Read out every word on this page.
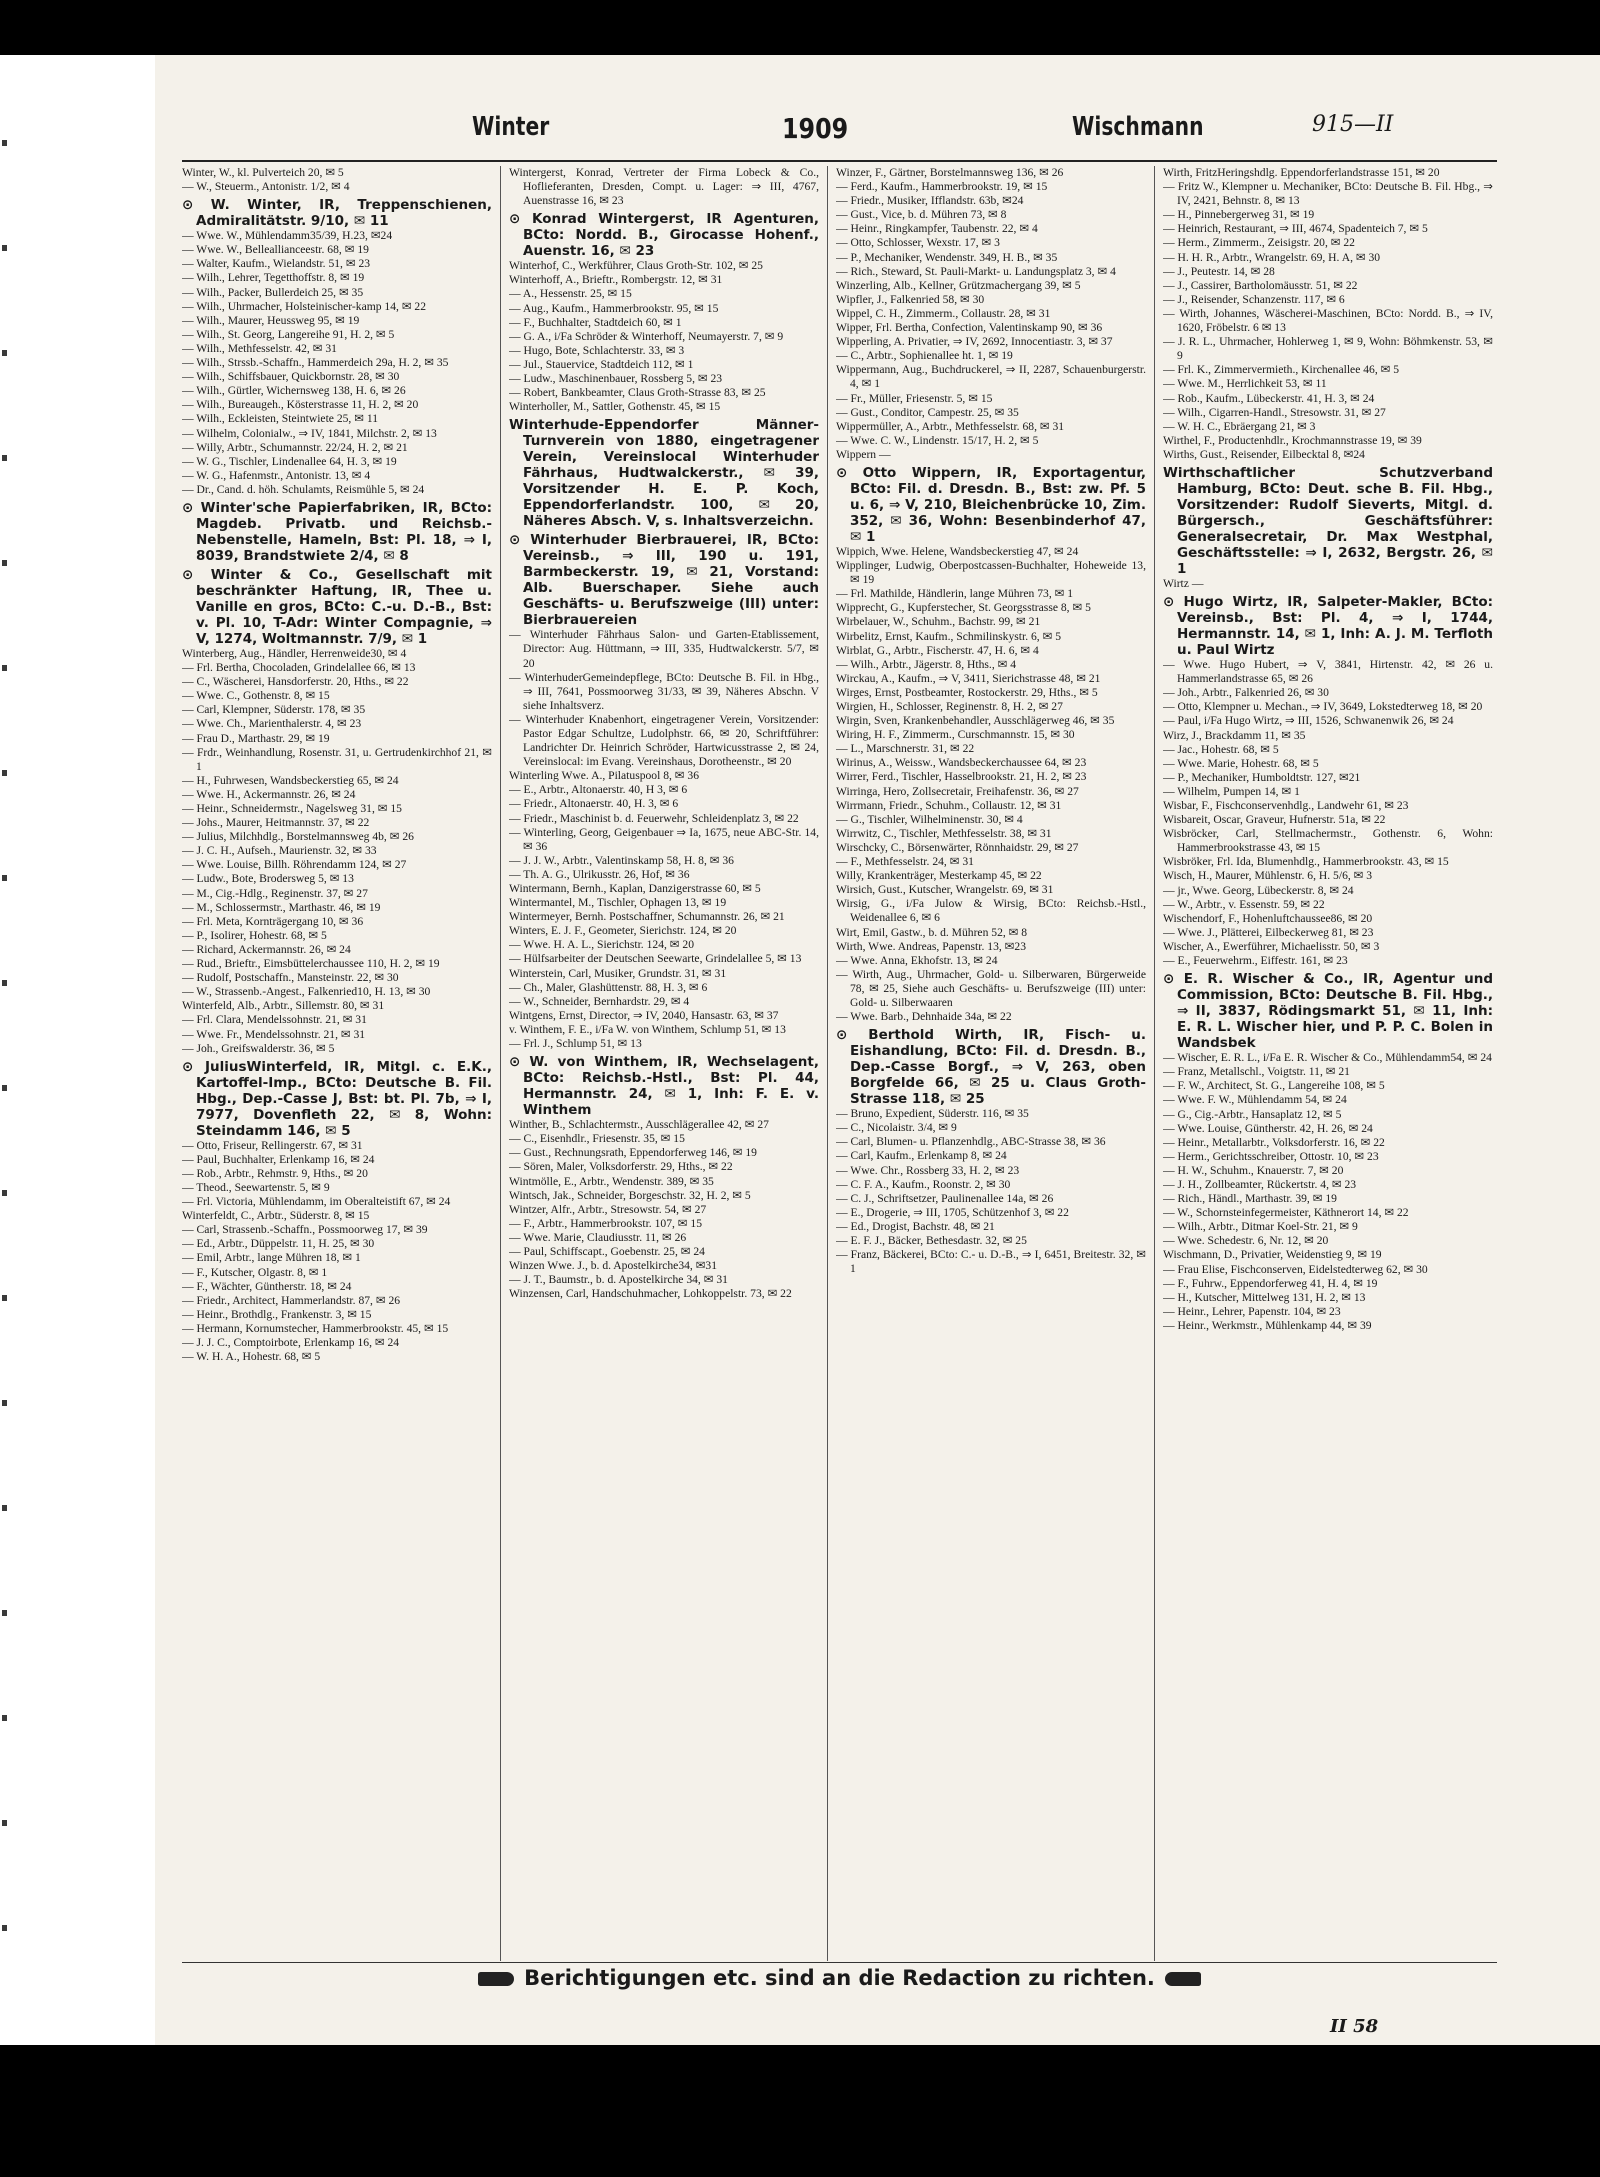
Winter	1909	Wischmann	915—II

Winter, W., kl. Pulverteich 20, ✉ 5

— W., Steuerm., Antonistr. 1/2, ✉ 4

⊙ W. Winter, IR, Treppenschienen, Admiralitätstr. 9/10, ✉ 11

— Wwe. W., Mühlendamm35/39, H.23, ✉24

— Wwe. W., Belleallianceestr. 68, ✉ 19

— Walter, Kaufm., Wielandstr. 51, ✉ 23

— Wilh., Lehrer, Tegetthoffstr. 8, ✉ 19

— Wilh., Packer, Bullerdeich 25, ✉ 35

— Wilh., Uhrmacher, Holsteinischer-kamp 14, ✉ 22

— Wilh., Maurer, Heussweg 95, ✉ 19

— Wilh., St. Georg, Langereihe 91, H. 2, ✉ 5

— Wilh., Methfesselstr. 42, ✉ 31

— Wilh., Strssb.-Schaffn., Hammerdeich 29a, H. 2, ✉ 35

— Wilh., Schiffsbauer, Quickbornstr. 28, ✉ 30

— Wilh., Gürtler, Wichernsweg 138, H. 6, ✉ 26

— Wilh., Bureaugeh., Kösterstrasse 11, H. 2, ✉ 20

— Wilh., Eckleisten, Steintwiete 25, ✉ 11

— Wilhelm, Colonialw., ⇒ IV, 1841, Milchstr. 2, ✉ 13

— Willy, Arbtr., Schumannstr. 22/24, H. 2, ✉ 21

— W. G., Tischler, Lindenallee 64, H. 3, ✉ 19

— W. G., Hafenmstr., Antonistr. 13, ✉ 4

— Dr., Cand. d. höh. Schulamts, Reismühle 5, ✉ 24

⊙ Winter'sche Papierfabriken, IR, BCto: Magdeb. Privatb. und Reichsb.-Nebenstelle, Hameln, Bst: Pl. 18, ⇒ I, 8039, Brandstwiete 2/4, ✉ 8

⊙ Winter & Co., Gesellschaft mit beschränkter Haftung, IR, Thee u. Vanille en gros, BCto: C.-u. D.-B., Bst: v. Pl. 10, T-Adr: Winter Compagnie, ⇒ V, 1274, Woltmannstr. 7/9, ✉ 1

Winterberg, Aug., Händler, Herrenweide30, ✉ 4

— Frl. Bertha, Chocoladen, Grindelallee 66, ✉ 13

— C., Wäscherei, Hansdorferstr. 20, Hths., ✉ 22

— Wwe. C., Gothenstr. 8, ✉ 15

— Carl, Klempner, Süderstr. 178, ✉ 35

— Wwe. Ch., Marienthalerstr. 4, ✉ 23

— Frau D., Marthastr. 29, ✉ 19

— Frdr., Weinhandlung, Rosenstr. 31, u. Gertrudenkirchhof 21, ✉ 1

— H., Fuhrwesen, Wandsbeckerstieg 65, ✉ 24

— Wwe. H., Ackermannstr. 26, ✉ 24

— Heinr., Schneidermstr., Nagelsweg 31, ✉ 15

— Johs., Maurer, Heitmannstr. 37, ✉ 22

— Julius, Milchhdlg., Borstelmannsweg 4b, ✉ 26

— J. C. H., Aufseh., Maurienstr. 32, ✉ 33

— Wwe. Louise, Billh. Röhrendamm 124, ✉ 27

— Ludw., Bote, Brodersweg 5, ✉ 13

— M., Cig.-Hdlg., Reginenstr. 37, ✉ 27

— M., Schlossermstr., Marthastr. 46, ✉ 19

— Frl. Meta, Kornträgergang 10, ✉ 36

— P., Isolirer, Hohestr. 68, ✉ 5

— Richard, Ackermannstr. 26, ✉ 24

— Rud., Brieftr., Eimsbüttelerchaussee 110, H. 2, ✉ 19

— Rudolf, Postschaffn., Mansteinstr. 22, ✉ 30

— W., Strassenb.-Angest., Falkenried10, H. 13, ✉ 30

Winterfeld, Alb., Arbtr., Sillemstr. 80, ✉ 31

— Frl. Clara, Mendelssohnstr. 21, ✉ 31

— Wwe. Fr., Mendelssohnstr. 21, ✉ 31

— Joh., Greifswalderstr. 36, ✉ 5

⊙ JuliusWinterfeld, IR, Mitgl. c. E.K., Kartoffel-Imp., BCto: Deutsche B. Fil. Hbg., Dep.-Casse J, Bst: bt. Pl. 7b, ⇒ I, 7977, Dovenfleth 22, ✉ 8, Wohn: Steindamm 146, ✉ 5

— Otto, Friseur, Rellingerstr. 67, ✉ 31

— Paul, Buchhalter, Erlenkamp 16, ✉ 24

— Rob., Arbtr., Rehmstr. 9, Hths., ✉ 20

— Theod., Seewartenstr. 5, ✉ 9

— Frl. Victoria, Mühlendamm, im Oberalteistift 67, ✉ 24

Winterfeldt, C., Arbtr., Süderstr. 8, ✉ 15

— Carl, Strassenb.-Schaffn., Possmoorweg 17, ✉ 39

— Ed., Arbtr., Düppelstr. 11, H. 25, ✉ 30

— Emil, Arbtr., lange Mühren 18, ✉ 1

— F., Kutscher, Olgastr. 8, ✉ 1

— F., Wächter, Güntherstr. 18, ✉ 24

— Friedr., Architect, Hammerlandstr. 87, ✉ 26

— Heinr., Brothdlg., Frankenstr. 3, ✉ 15

— Hermann, Kornumstecher, Hammerbrookstr. 45, ✉ 15

— J. J. C., Comptoirbote, Erlenkamp 16, ✉ 24

— W. H. A., Hohestr. 68, ✉ 5

Wintergerst, Konrad, Vertreter der Firma Lobeck & Co., Hoflieferanten, Dresden, Compt. u. Lager: ⇒ III, 4767, Auenstrasse 16, ✉ 23

⊙ Konrad Wintergerst, IR Agenturen, BCto: Nordd. B., Girocasse Hohenf., Auenstr. 16, ✉ 23

Winterhof, C., Werkführer, Claus Groth-Str. 102, ✉ 25

Winterhoff, A., Brieftr., Rombergstr. 12, ✉ 31

— A., Hessenstr. 25, ✉ 15

— Aug., Kaufm., Hammerbrookstr. 95, ✉ 15

— F., Buchhalter, Stadtdeich 60, ✉ 1

— G. A., i/Fa Schröder & Winterhoff, Neumayerstr. 7, ✉ 9

— Hugo, Bote, Schlachterstr. 33, ✉ 3

— Jul., Stauervice, Stadtdeich 112, ✉ 1

— Ludw., Maschinenbauer, Rossberg 5, ✉ 23

— Robert, Bankbeamter, Claus Groth-Strasse 83, ✉ 25

Winterholler, M., Sattler, Gothenstr. 45, ✉ 15

Winterhude-Eppendorfer Männer-Turnverein von 1880, eingetragener Verein, Vereinslocal Winterhuder Fährhaus, Hudtwalckerstr., ✉ 39, Vorsitzender H. E. P. Koch, Eppendorferlandstr. 100, ✉ 20, Näheres Absch. V, s. Inhaltsverzeichn.

⊙ Winterhuder Bierbrauerei, IR, BCto: Vereinsb., ⇒ III, 190 u. 191, Barmbeckerstr. 19, ✉ 21, Vorstand: Alb. Buerschaper. Siehe auch Geschäfts- u. Berufszweige (III) unter: Bierbrauereien

— Winterhuder Fährhaus Salon- und Garten-Etablissement, Director: Aug. Hüttmann, ⇒ III, 335, Hudtwalckerstr. 5/7, ✉ 20

— WinterhuderGemeindepflege, BCto: Deutsche B. Fil. in Hbg., ⇒ III, 7641, Possmoorweg 31/33, ✉ 39, Näheres Abschn. V siehe Inhaltsverz.

— Winterhuder Knabenhort, eingetragener Verein, Vorsitzender: Pastor Edgar Schultze, Ludolphstr. 66, ✉ 20, Schriftführer: Landrichter Dr. Heinrich Schröder, Hartwicusstrasse 2, ✉ 24, Vereinslocal: im Evang. Vereinshaus, Dorotheenstr., ✉ 20

Winterling Wwe. A., Pilatuspool 8, ✉ 36

— E., Arbtr., Altonaerstr. 40, H 3, ✉ 6

— Friedr., Altonaerstr. 40, H. 3, ✉ 6

— Friedr., Maschinist b. d. Feuerwehr, Schleidenplatz 3, ✉ 22

— Winterling, Georg, Geigenbauer ⇒ Ia, 1675, neue ABC-Str. 14, ✉ 36

— J. J. W., Arbtr., Valentinskamp 58, H. 8, ✉ 36

— Th. A. G., Ulrikusstr. 26, Hof, ✉ 36

Wintermann, Bernh., Kaplan, Danzigerstrasse 60, ✉ 5

Wintermantel, M., Tischler, Ophagen 13, ✉ 19

Wintermeyer, Bernh. Postschaffner, Schumannstr. 26, ✉ 21

Winters, E. J. F., Geometer, Sierichstr. 124, ✉ 20

— Wwe. H. A. L., Sierichstr. 124, ✉ 20

— Hülfsarbeiter der Deutschen Seewarte, Grindelallee 5, ✉ 13

Winterstein, Carl, Musiker, Grundstr. 31, ✉ 31

— Ch., Maler, Glashüttenstr. 88, H. 3, ✉ 6

— W., Schneider, Bernhardstr. 29, ✉ 4

Wintgens, Ernst, Director, ⇒ IV, 2040, Hansastr. 63, ✉ 37

v. Winthem, F. E., i/Fa W. von Winthem, Schlump 51, ✉ 13

— Frl. J., Schlump 51, ✉ 13

⊙ W. von Winthem, IR, Wechselagent, BCto: Reichsb.-Hstl., Bst: Pl. 44, Hermannstr. 24, ✉ 1, Inh: F. E. v. Winthem

Winther, B., Schlachtermstr., Ausschlägerallee 42, ✉ 27

— C., Eisenhdlr., Friesenstr. 35, ✉ 15

— Gust., Rechnungsrath, Eppendorferweg 146, ✉ 19

— Sören, Maler, Volksdorferstr. 29, Hths., ✉ 22

Wintmölle, E., Arbtr., Wendenstr. 389, ✉ 35

Wintsch, Jak., Schneider, Borgeschstr. 32, H. 2, ✉ 5

Wintzer, Alfr., Arbtr., Stresowstr. 54, ✉ 27

— F., Arbtr., Hammerbrookstr. 107, ✉ 15

— Wwe. Marie, Claudiusstr. 11, ✉ 26

— Paul, Schiffscapt., Goebenstr. 25, ✉ 24

Winzen Wwe. J., b. d. Apostelkirche34, ✉31

— J. T., Baumstr., b. d. Apostelkirche 34, ✉ 31

Winzensen, Carl, Handschuhmacher, Lohkoppelstr. 73, ✉ 22

Winzer, F., Gärtner, Borstelmannsweg 136, ✉ 26

— Ferd., Kaufm., Hammerbrookstr. 19, ✉ 15

— Friedr., Musiker, Ifflandstr. 63b, ✉24

— Gust., Vice, b. d. Mühren 73, ✉ 8

— Heinr., Ringkampfer, Taubenstr. 22, ✉ 4

— Otto, Schlosser, Wexstr. 17, ✉ 3

— P., Mechaniker, Wendenstr. 349, H. B., ✉ 35

— Rich., Steward, St. Pauli-Markt- u. Landungsplatz 3, ✉ 4

Winzerling, Alb., Kellner, Grützmachergang 39, ✉ 5

Wipfler, J., Falkenried 58, ✉ 30

Wippel, C. H., Zimmerm., Collaustr. 28, ✉ 31

Wipper, Frl. Bertha, Confection, Valentinskamp 90, ✉ 36

Wipperling, A. Privatier, ⇒ IV, 2692, Innocentiastr. 3, ✉ 37

— C., Arbtr., Sophienallee ht. 1, ✉ 19

Wippermann, Aug., Buchdruckerel, ⇒ II, 2287, Schauenburgerstr. 4, ✉ 1

— Fr., Müller, Friesenstr. 5, ✉ 15

— Gust., Conditor, Campestr. 25, ✉ 35

Wippermüller, A., Arbtr., Methfesselstr. 68, ✉ 31

— Wwe. C. W., Lindenstr. 15/17, H. 2, ✉ 5

Wippern —

⊙ Otto Wippern, IR, Exportagentur, BCto: Fil. d. Dresdn. B., Bst: zw. Pf. 5 u. 6, ⇒ V, 210, Bleichenbrücke 10, Zim. 352, ✉ 36, Wohn: Besenbinderhof 47, ✉ 1

Wippich, Wwe. Helene, Wandsbeckerstieg 47, ✉ 24

Wipplinger, Ludwig, Oberpostcassen-Buchhalter, Hoheweide 13, ✉ 19

— Frl. Mathilde, Händlerin, lange Mühren 73, ✉ 1

Wipprecht, G., Kupferstecher, St. Georgsstrasse 8, ✉ 5

Wirbelauer, W., Schuhm., Bachstr. 99, ✉ 21

Wirbelitz, Ernst, Kaufm., Schmilinskystr. 6, ✉ 5

Wirblat, G., Arbtr., Fischerstr. 47, H. 6, ✉ 4

— Wilh., Arbtr., Jägerstr. 8, Hths., ✉ 4

Wirckau, A., Kaufm., ⇒ V, 3411, Sierichstrasse 48, ✉ 21

Wirges, Ernst, Postbeamter, Rostockerstr. 29, Hths., ✉ 5

Wirgien, H., Schlosser, Reginenstr. 8, H. 2, ✉ 27

Wirgin, Sven, Krankenbehandler, Ausschlägerweg 46, ✉ 35

Wiring, H. F., Zimmerm., Curschmannstr. 15, ✉ 30

— L., Marschnerstr. 31, ✉ 22

Wirinus, A., Weissw., Wandsbeckerchaussee 64, ✉ 23

Wirrer, Ferd., Tischler, Hasselbrookstr. 21, H. 2, ✉ 23

Wirringa, Hero, Zollsecretair, Freihafenstr. 36, ✉ 27

Wirrmann, Friedr., Schuhm., Collaustr. 12, ✉ 31

— G., Tischler, Wilhelminenstr. 30, ✉ 4

Wirrwitz, C., Tischler, Methfesselstr. 38, ✉ 31

Wirschcky, C., Börsenwärter, Rönnhaidstr. 29, ✉ 27

— F., Methfesselstr. 24, ✉ 31

Willy, Krankenträger, Mesterkamp 45, ✉ 22

Wirsich, Gust., Kutscher, Wrangelstr. 69, ✉ 31

Wirsig, G., i/Fa Julow & Wirsig, BCto: Reichsb.-Hstl., Weidenallee 6, ✉ 6

Wirt, Emil, Gastw., b. d. Mühren 52, ✉ 8

Wirth, Wwe. Andreas, Papenstr. 13, ✉23

— Wwe. Anna, Ekhofstr. 13, ✉ 24

— Wirth, Aug., Uhrmacher, Gold- u. Silberwaren, Bürgerweide 78, ✉ 25, Siehe auch Geschäfts- u. Berufszweige (III) unter: Gold- u. Silberwaaren

— Wwe. Barb., Dehnhaide 34a, ✉ 22

⊙ Berthold Wirth, IR, Fisch- u. Eishandlung, BCto: Fil. d. Dresdn. B., Dep.-Casse Borgf., ⇒ V, 263, oben Borgfelde 66, ✉ 25 u. Claus Groth-Strasse 118, ✉ 25

— Bruno, Expedient, Süderstr. 116, ✉ 35

— C., Nicolaistr. 3/4, ✉ 9

— Carl, Blumen- u. Pflanzenhdlg., ABC-Strasse 38, ✉ 36

— Carl, Kaufm., Erlenkamp 8, ✉ 24

— Wwe. Chr., Rossberg 33, H. 2, ✉ 23

— C. F. A., Kaufm., Roonstr. 2, ✉ 30

— C. J., Schriftsetzer, Paulinenallee 14a, ✉ 26

— E., Drogerie, ⇒ III, 1705, Schützenhof 3, ✉ 22

— Ed., Drogist, Bachstr. 48, ✉ 21

— E. F. J., Bäcker, Bethesdastr. 32, ✉ 25

— Franz, Bäckerei, BCto: C.- u. D.-B., ⇒ I, 6451, Breitestr. 32, ✉ 1

Wirth, FritzHeringshdlg. Eppendorferlandstrasse 151, ✉ 20

— Fritz W., Klempner u. Mechaniker, BCto: Deutsche B. Fil. Hbg., ⇒ IV, 2421, Behnstr. 8, ✉ 13

— H., Pinnebergerweg 31, ✉ 19

— Heinrich, Restaurant, ⇒ III, 4674, Spadenteich 7, ✉ 5

— Herm., Zimmerm., Zeisigstr. 20, ✉ 22

— H. H. R., Arbtr., Wrangelstr. 69, H. A, ✉ 30

— J., Peutestr. 14, ✉ 28

— J., Cassirer, Bartholomäusstr. 51, ✉ 22

— J., Reisender, Schanzenstr. 117, ✉ 6

— Wirth, Johannes, Wäscherei-Maschinen, BCto: Nordd. B., ⇒ IV, 1620, Fröbelstr. 6 ✉ 13

— J. R. L., Uhrmacher, Hohlerweg 1, ✉ 9, Wohn: Böhmkenstr. 53, ✉ 9

— Frl. K., Zimmervermieth., Kirchenallee 46, ✉ 5

— Wwe. M., Herrlichkeit 53, ✉ 11

— Rob., Kaufm., Lübeckerstr. 41, H. 3, ✉ 24

— Wilh., Cigarren-Handl., Stresowstr. 31, ✉ 27

— W. H. C., Ebräergang 21, ✉ 3

Wirthel, F., Productenhdlr., Krochmannstrasse 19, ✉ 39

Wirths, Gust., Reisender, Eilbecktal 8, ✉24

Wirthschaftlicher Schutzverband Hamburg, BCto: Deut. sche B. Fil. Hbg., Vorsitzender: Rudolf Sieverts, Mitgl. d. Bürgersch., Geschäftsführer: Generalsecretair, Dr. Max Westphal, Geschäftsstelle: ⇒ I, 2632, Bergstr. 26, ✉ 1

Wirtz —

⊙ Hugo Wirtz, IR, Salpeter-Makler, BCto: Vereinsb., Bst: Pl. 4, ⇒ I, 1744, Hermannstr. 14, ✉ 1, Inh: A. J. M. Terfloth u. Paul Wirtz

— Wwe. Hugo Hubert, ⇒ V, 3841, Hirtenstr. 42, ✉ 26 u. Hammerlandstrasse 65, ✉ 26

— Joh., Arbtr., Falkenried 26, ✉ 30

— Otto, Klempner u. Mechan., ⇒ IV, 3649, Lokstedterweg 18, ✉ 20

— Paul, i/Fa Hugo Wirtz, ⇒ III, 1526, Schwanenwik 26, ✉ 24

Wirz, J., Brackdamm 11, ✉ 35

— Jac., Hohestr. 68, ✉ 5

— Wwe. Marie, Hohestr. 68, ✉ 5

— P., Mechaniker, Humboldtstr. 127, ✉21

— Wilhelm, Pumpen 14, ✉ 1

Wisbar, F., Fischconservenhdlg., Landwehr 61, ✉ 23

Wisbareit, Oscar, Graveur, Hufnerstr. 51a, ✉ 22

Wisbröcker, Carl, Stellmachermstr., Gothenstr. 6, Wohn: Hammerbrookstrasse 43, ✉ 15

Wisbröker, Frl. Ida, Blumenhdlg., Hammerbrookstr. 43, ✉ 15

Wisch, H., Maurer, Mühlenstr. 6, H. 5/6, ✉ 3

— jr., Wwe. Georg, Lübeckerstr. 8, ✉ 24

— W., Arbtr., v. Essenstr. 59, ✉ 22

Wischendorf, F., Hohenluftchaussee86, ✉ 20

— Wwe. J., Plätterei, Eilbeckerweg 81, ✉ 23

Wischer, A., Ewerführer, Michaelisstr. 50, ✉ 3

— E., Feuerwehrm., Eiffestr. 161, ✉ 23

⊙ E. R. Wischer & Co., IR, Agentur und Commission, BCto: Deutsche B. Fil. Hbg., ⇒ II, 3837, Rödingsmarkt 51, ✉ 11, Inh: E. R. L. Wischer hier, und P. P. C. Bolen in Wandsbek

— Wischer, E. R. L., i/Fa E. R. Wischer & Co., Mühlendamm54, ✉ 24

— Franz, Metallschl., Voigtstr. 11, ✉ 21

— F. W., Architect, St. G., Langereihe 108, ✉ 5

— Wwe. F. W., Mühlendamm 54, ✉ 24

— G., Cig.-Arbtr., Hansaplatz 12, ✉ 5

— Wwe. Louise, Güntherstr. 42, H. 26, ✉ 24

— Heinr., Metallarbtr., Volksdorferstr. 16, ✉ 22

— Herm., Gerichtsschreiber, Ottostr. 10, ✉ 23

— H. W., Schuhm., Knauerstr. 7, ✉ 20

— J. H., Zollbeamter, Rückertstr. 4, ✉ 23

— Rich., Händl., Marthastr. 39, ✉ 19

— W., Schornsteinfegermeister, Käthnerort 14, ✉ 22

— Wilh., Arbtr., Ditmar Koel-Str. 21, ✉ 9

— Wwe. Schedestr. 6, Nr. 12, ✉ 20

Wischmann, D., Privatier, Weidenstieg 9, ✉ 19

— Frau Elise, Fischconserven, Eidelstedterweg 62, ✉ 30

— F., Fuhrw., Eppendorferweg 41, H. 4, ✉ 19

— H., Kutscher, Mittelweg 131, H. 2, ✉ 13

— Heinr., Lehrer, Papenstr. 104, ✉ 23

— Heinr., Werkmstr., Mühlenkamp 44, ✉ 39

Berichtigungen etc. sind an die Redaction zu richten.
II 58
